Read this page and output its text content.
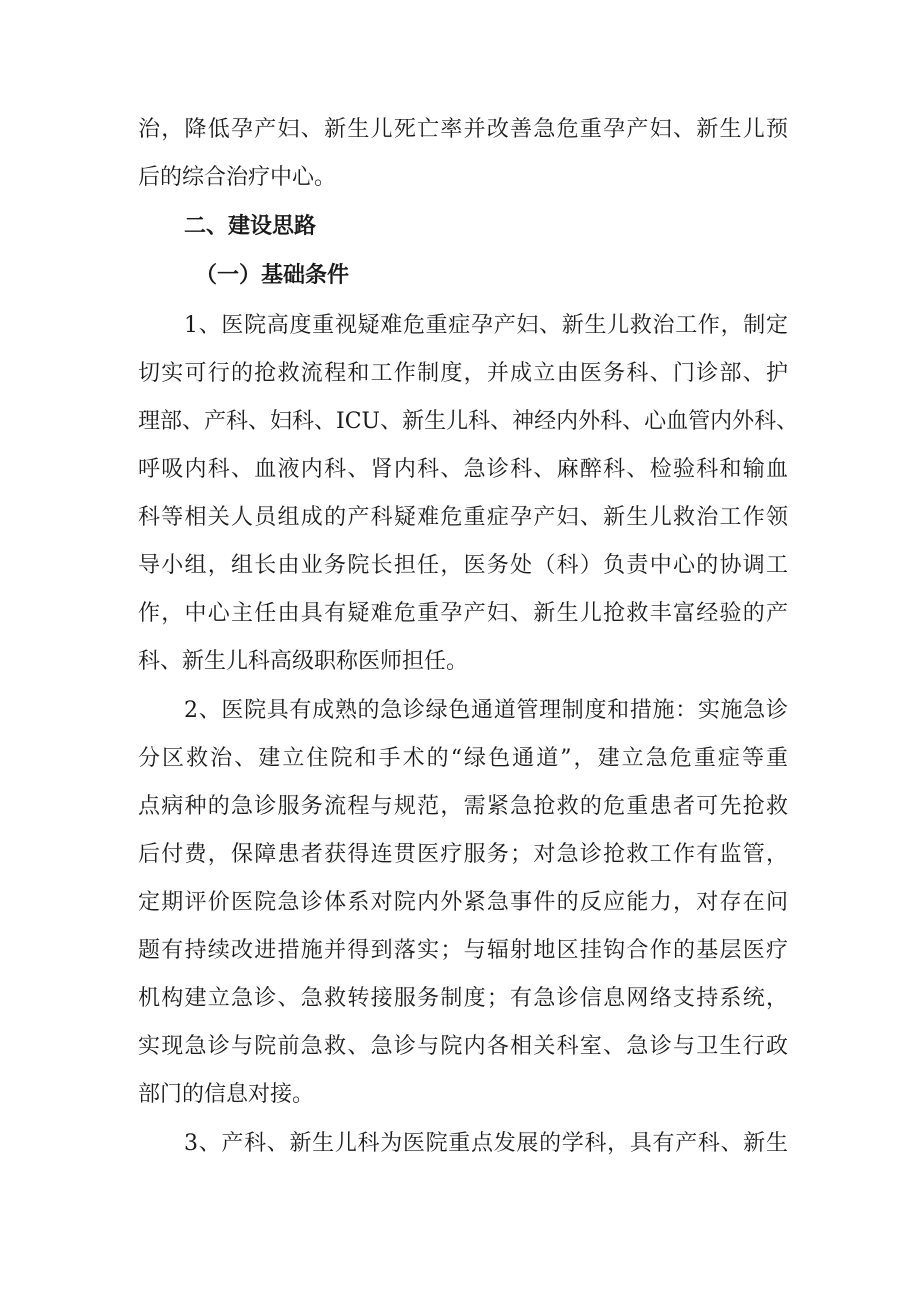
治，降低孕产妇、新生儿死亡率并改善急危重孕产妇、新生儿预
后的综合治疗中心。
二、建设思路
（一）基础条件
1、医院高度重视疑难危重症孕产妇、新生儿救治工作，制定
切实可行的抢救流程和工作制度，并成立由医务科、门诊部、护
理部、产科、妇科、ICU、新生儿科、神经内外科、心血管内外科、
呼吸内科、血液内科、肾内科、急诊科、麻醉科、检验科和输血
科等相关人员组成的产科疑难危重症孕产妇、新生儿救治工作领
导小组，组长由业务院长担任，医务处（科）负责中心的协调工
作，中心主任由具有疑难危重孕产妇、新生儿抢救丰富经验的产
科、新生儿科高级职称医师担任。
2、医院具有成熟的急诊绿色通道管理制度和措施：实施急诊
分区救治、建立住院和手术的“绿色通道”，建立急危重症等重
点病种的急诊服务流程与规范，需紧急抢救的危重患者可先抢救
后付费，保障患者获得连贯医疗服务；对急诊抢救工作有监管，
定期评价医院急诊体系对院内外紧急事件的反应能力，对存在问
题有持续改进措施并得到落实；与辐射地区挂钩合作的基层医疗
机构建立急诊、急救转接服务制度；有急诊信息网络支持系统，
实现急诊与院前急救、急诊与院内各相关科室、急诊与卫生行政
部门的信息对接。
3、产科、新生儿科为医院重点发展的学科，具有产科、新生
